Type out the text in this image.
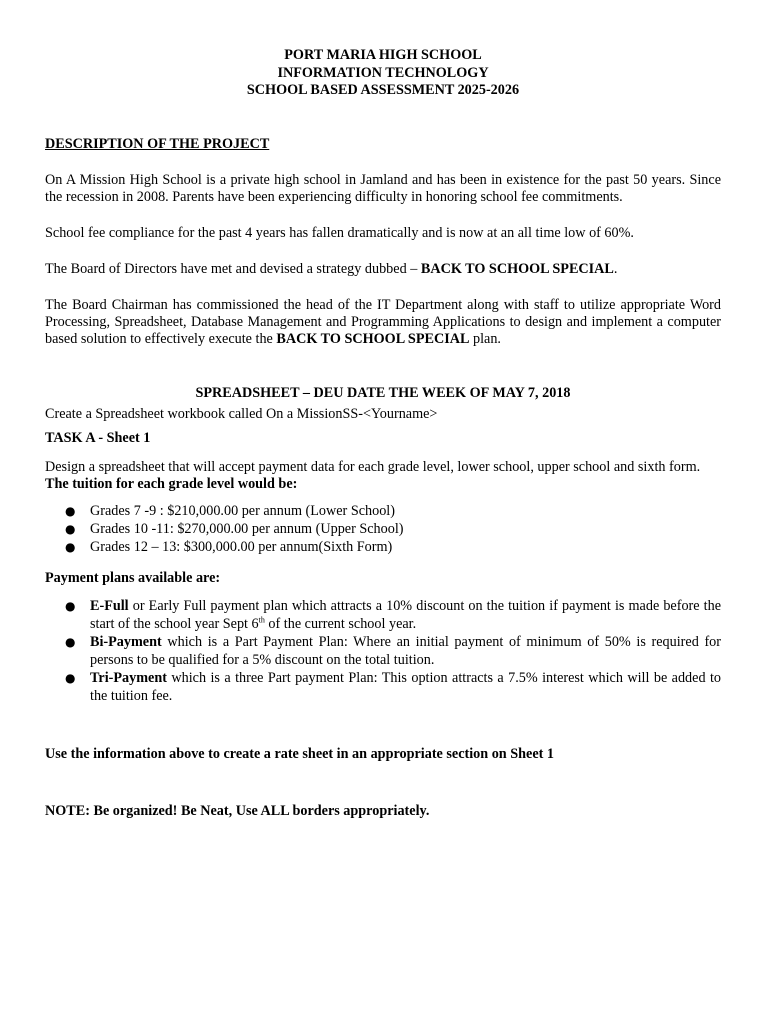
PORT MARIA HIGH SCHOOL
INFORMATION TECHNOLOGY
SCHOOL BASED ASSESSMENT 2025-2026

DESCRIPTION OF THE PROJECT

On A Mission High School is a private high school in Jamland and has been in existence for the past 50 years. Since the recession in 2008. Parents have been experiencing difficulty in honoring school fee commitments.

School fee compliance for the past 4 years has fallen dramatically and is now at an all time low of 60%.

The Board of Directors have met and devised a strategy dubbed – BACK TO SCHOOL SPECIAL.

The Board Chairman has commissioned the head of the IT Department along with staff to utilize appropriate Word Processing, Spreadsheet, Database Management and Programming Applications to design and implement a computer based solution to effectively execute the BACK TO SCHOOL SPECIAL plan.

SPREADSHEET – DEU DATE THE WEEK OF MAY 7, 2018

Create a Spreadsheet workbook called On a MissionSS-<Yourname>

TASK A - Sheet 1

Design a spreadsheet that will accept payment data for each grade level, lower school, upper school and sixth form.

The tuition for each grade level would be:

● Grades 7 -9 : $210,000.00 per annum (Lower School)
● Grades 10 -11: $270,000.00 per annum (Upper School)
● Grades 12 – 13: $300,000.00 per annum(Sixth Form)

Payment plans available are:

● E-Full or Early Full payment plan which attracts a 10% discount on the tuition if payment is made before the start of the school year Sept 6th of the current school year.
● Bi-Payment which is a Part Payment Plan: Where an initial payment of minimum of 50% is required for persons to be qualified for a 5% discount on the total tuition.
● Tri-Payment which is a three Part payment Plan: This option attracts a 7.5% interest which will be added to the tuition fee.

Use the information above to create a rate sheet in an appropriate section on Sheet 1

NOTE: Be organized! Be Neat, Use ALL borders appropriately.
